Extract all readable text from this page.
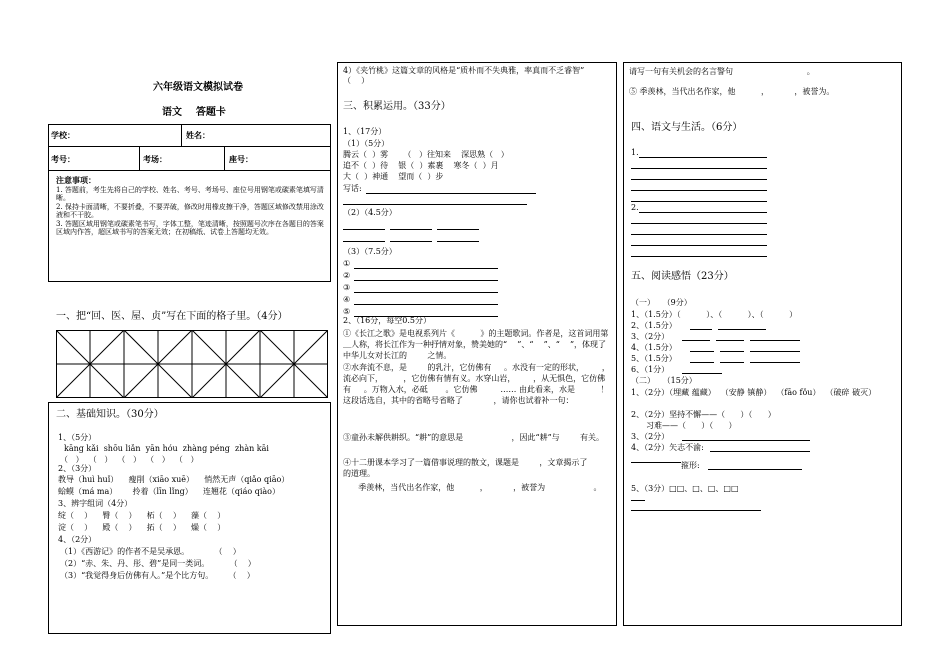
六年级语文模拟试卷
语文    答题卡
学校：	姓名：
考号：	考场：	座号：
注意事项：
1. 答题前，考生先将自己的学校、姓名、考号、考场号、座位号用钢笔或碳素笔填写清晰。
2. 保持卡面清晰，不要折叠，不要弄破，修改时用橡皮擦干净，答题区域修改禁用涂改液和不干胶。
3. 答题区域用钢笔或碳素笔书写，字体工整，笔迹清晰，按照题号次序在各题目的答案区域内作答，超区域书写的答案无效；在初稿纸、试卷上答题均无效。
一、把“回、医、屋、贞”写在下面的格子里。（4分）
二、基础知识。（30分）
1、（5分）
kāng kǎi  shōu liǎn  yān hóu  zhàng péng  zhàn kāi
（   ）  （   ）  （   ）  （   ）  （   ）
2、（3分）
教导（huì huǐ）    瘦削（xiāo xuē）    悄然无声（qiǎo qiāo）
蛤蟆（má ma）      拎着（līn lǐng）    连翘花（qiáo qiào）
3、辨字组词（4分）
绽（    ）    臀（    ）    柘（    ）    藻（    ）
淀（    ）    殿（    ）    拓（    ）    燥（    ）
4、（2分）
（1）《西游记》的作者不是吴承恩。          （    ）
（2）“赤、朱、丹、彤、碧”是同一类词。        （    ）
（3）“我觉得身后仿佛有人。”是个比方句。      （    ）
4）《夹竹桃》这篇文章的风格是“质朴而不失典雅，率真而不乏睿智”                         （    ）
三、积累运用。（33分）
1、（17分）
（1）（5分）
腾云（  ）雾      （   ）往知来    深思熟（   ）
追不（  ）待    银（  ）素裹    寒冬（  ）月
大（  ）神通    望而（  ）步
写话:
（2）（4.5分）
（3）（7.5分）
①
②
③
④
⑤
2、（16分，每空0.5分）
①《长江之歌》是电视系列片《          》的主题歌词。作者是，这首词用第＿人称，将长江作为一种抒情对象，赞美她的“    ”、“    ”、“    ”，体现了中华儿女对长江的        之情。
②水奔流不息，是        的乳汁，它仿佛有     。水没有一定的形状，       ，流必向下，        ，它仿佛有情有义。水穿山岩，       ，从无惧色，它仿佛有     。万物入水，必砥       。它仿佛         …… 由此看来，水是          ！这段话选自，其中的省略号省略了            ，请你也试着补一句：
③童孙未解供耕织。“耕”的意思是                   ，因此“耕”与        有关。
④十二册课本学习了一篇借事说理的散文，课题是        ，文章揭示了                           的道理。
季羡林，当代出名作家，他          ，          ，被誉为                   。
请写一句有关机会的名言警句                             。
⑤ 季羡林，当代出名作家，他          ，          ，被誉为。
四、语文与生活。（6分）
1.
2.
五、阅读感悟（23分）
（一）   （9分）
1、（1.5分）（          ）、（          ）、（          ）
2、（1.5分）
3、（2分）
4、（1.5分）
5、（1.5分）
6、（1分）
（二）   （15分）
1、（2分）（埋藏 蕴藏）  （安静 镇静）  （fāo fǒu）  （破碎 破灭）
2、（2分）坚持不懈——（      ）（      ）
习难——（      ）（      ）
3、（2分）
4、（2分）矢志不渝:
箍形:
5、（3分）□□、□、□、□□
